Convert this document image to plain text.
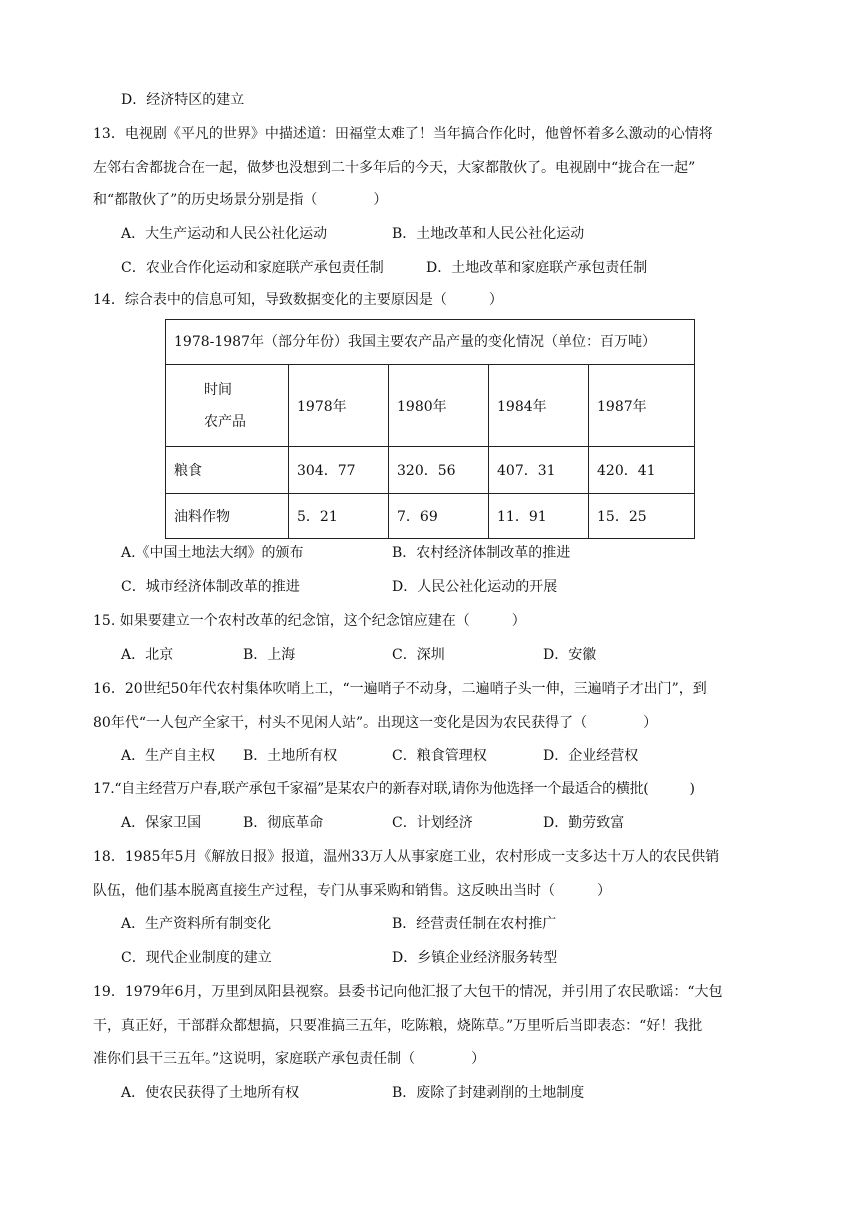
D．经济特区的建立
13．电视剧《平凡的世界》中描述道：田福堂太难了！当年搞合作化时，他曾怀着多么激动的心情将
左邻右舍都拢合在一起，做梦也没想到二十多年后的今天，大家都散伙了。电视剧中“拢合在一起”
和“都散伙了”的历史场景分别是指（　　　　）
A．大生产运动和人民公社化运动	B．土地改革和人民公社化运动
C．农业合作化运动和家庭联产承包责任制	D．土地改革和家庭联产承包责任制
14．综合表中的信息可知，导致数据变化的主要原因是（　　　）
1978-1987年（部分年份）我国主要农产品产量的变化情况（单位：百万吨）				

时间
农产品	1978年	1980年	1984年	1987年
粮食	304．77	320．56	407．31	420．41
油料作物	5．21	7．69	11．91	15．25
A.《中国土地法大纲》的颁布	B．农村经济体制改革的推进
C．城市经济体制改革的推进	D．人民公社化运动的开展
15. 如果要建立一个农村改革的纪念馆，这个纪念馆应建在（　　　）
A．北京	B．上海	C．深圳	D．安徽
16．20世纪50年代农村集体吹哨上工，“一遍哨子不动身，二遍哨子头一伸，三遍哨子才出门”，到
80年代“一人包产全家干，村头不见闲人站”。出现这一变化是因为农民获得了（　　　　）
A．生产自主权 B．土地所有权	C．粮食管理权	D．企业经营权
17.“自主经营万户春,联产承包千家福”是某农户的新春对联,请你为他选择一个最适合的横批(　　　)
A．保家卫国	B．彻底革命	C．计划经济	D．勤劳致富
18．1985年5月《解放日报》报道，温州33万人从事家庭工业，农村形成一支多达十万人的农民供销
队伍，他们基本脱离直接生产过程，专门从事采购和销售。这反映出当时（　　　）
A．生产资料所有制变化	B．经营责任制在农村推广
C．现代企业制度的建立	D．乡镇企业经济服务转型
19．1979年6月，万里到凤阳县视察。县委书记向他汇报了大包干的情况，并引用了农民歌谣：“大包
干，真正好，干部群众都想搞，只要准搞三五年，吃陈粮，烧陈草。”万里听后当即表态：“好！我批
准你们县干三五年。”这说明，家庭联产承包责任制（　　　　）
A．使农民获得了土地所有权	B．废除了封建剥削的土地制度
